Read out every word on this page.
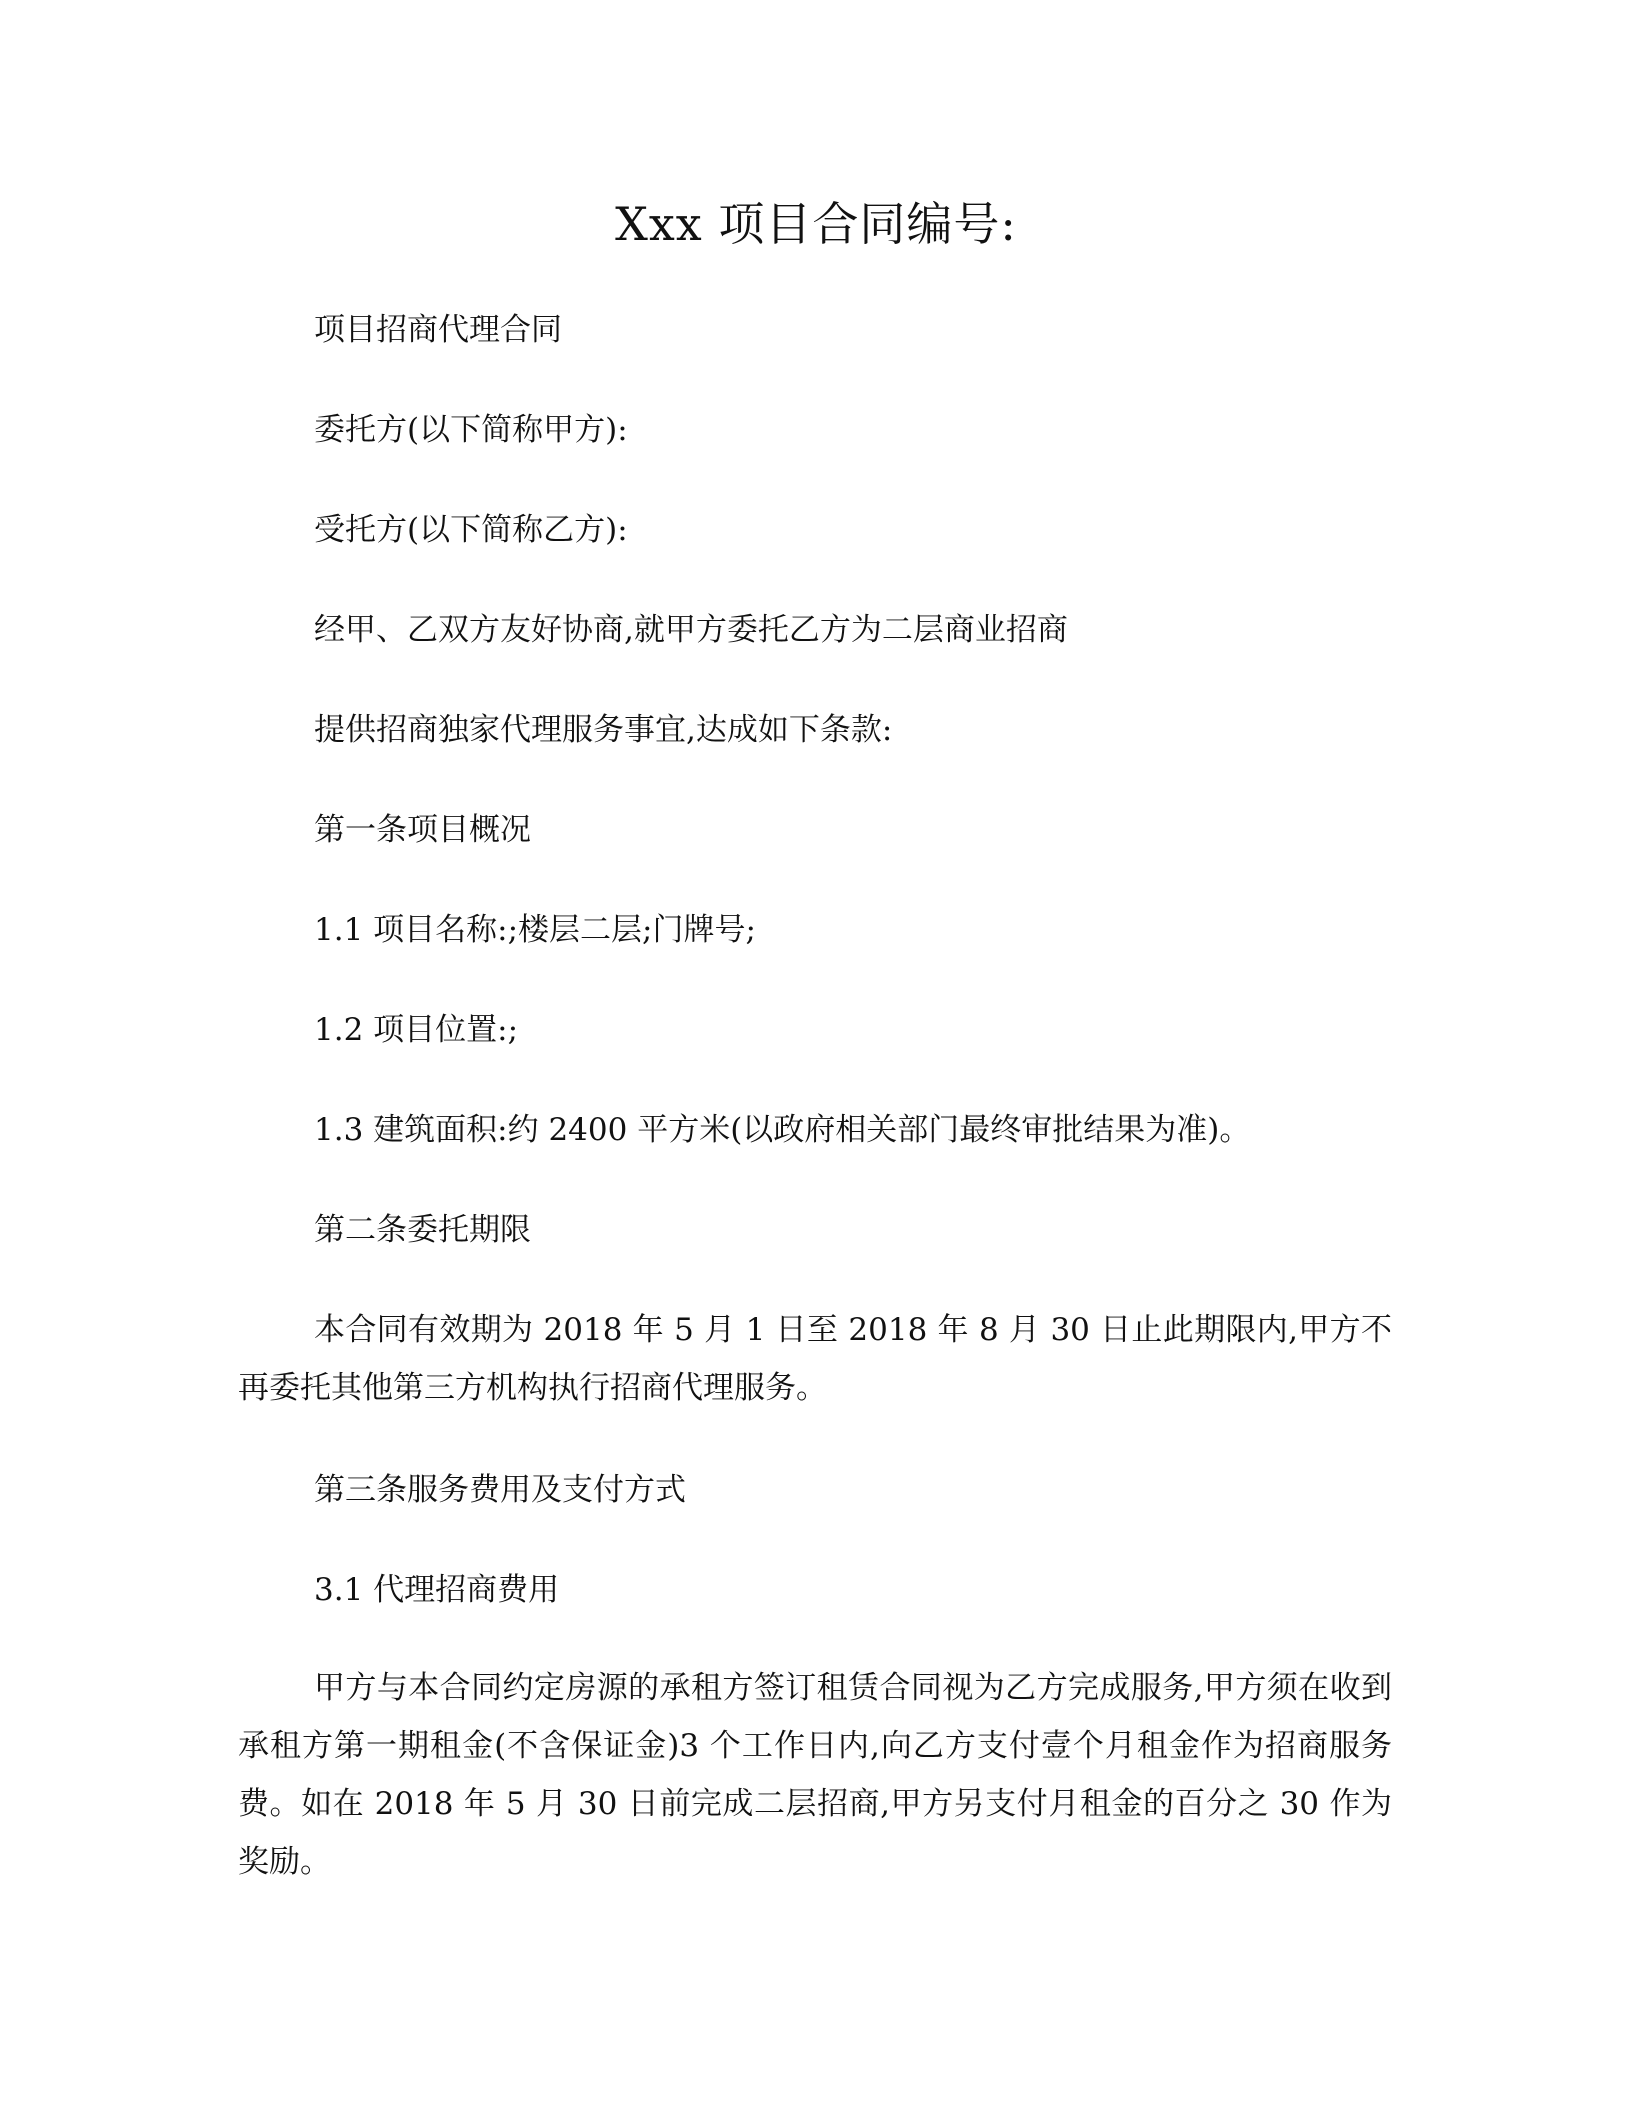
Xxx 项目合同编号:
项目招商代理合同
委托方(以下简称甲方):
受托方(以下简称乙方):
经甲、乙双方友好协商,就甲方委托乙方为二层商业招商
提供招商独家代理服务事宜,达成如下条款:
第一条项目概况
1.1 项目名称:;楼层二层;门牌号;
1.2 项目位置:;
1.3 建筑面积:约 2400 平方米(以政府相关部门最终审批结果为准)。
第二条委托期限
本合同有效期为 2018 年 5 月 1 日至 2018 年 8 月 30 日止此期限内,甲方不再委托其他第三方机构执行招商代理服务。
第三条服务费用及支付方式
3.1 代理招商费用
甲方与本合同约定房源的承租方签订租赁合同视为乙方完成服务,甲方须在收到承租方第一期租金(不含保证金)3 个工作日内,向乙方支付壹个月租金作为招商服务费。如在 2018 年 5 月 30 日前完成二层招商,甲方另支付月租金的百分之 30 作为奖励。
